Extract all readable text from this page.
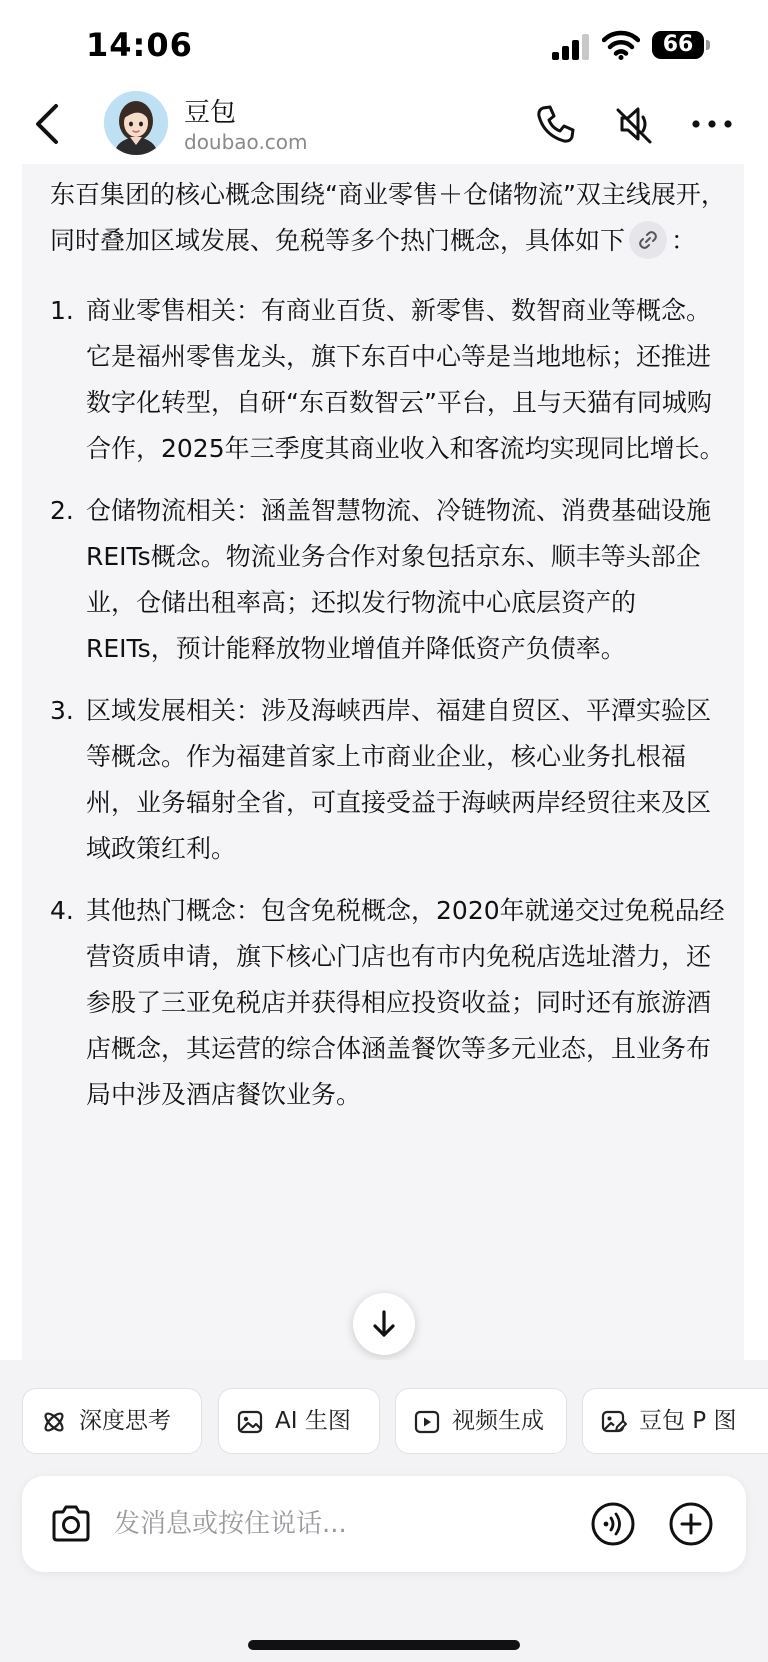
14:06	66
豆包
doubao.com

东百集团的核心概念围绕“商业零售＋仓储物流”双主线展开，同时叠加区域发展、免税等多个热门概念，具体如下 ：

1. 商业零售相关：有商业百货、新零售、数智商业等概念。它是福州零售龙头，旗下东百中心等是当地地标；还推进数字化转型，自研“东百数智云”平台，且与天猫有同城购合作，2025年三季度其商业收入和客流均实现同比增长。
2. 仓储物流相关：涵盖智慧物流、冷链物流、消费基础设施 REITs概念。物流业务合作对象包括京东、顺丰等头部企业，仓储出租率高；还拟发行物流中心底层资产的 REITs，预计能释放物业增值并降低资产负债率。
3. 区域发展相关：涉及海峡西岸、福建自贸区、平潭实验区等概念。作为福建首家上市商业企业，核心业务扎根福州，业务辐射全省，可直接受益于海峡两岸经贸往来及区域政策红利。
4. 其他热门概念：包含免税概念，2020年就递交过免税品经营资质申请，旗下核心门店也有市内免税店选址潜力，还参股了三亚免税店并获得相应投资收益；同时还有旅游酒店概念，其运营的综合体涵盖餐饮等多元业态，且业务布局中涉及酒店餐饮业务。
深度思考	AI 生图	视频生成	豆包 P 图
发消息或按住说话...
